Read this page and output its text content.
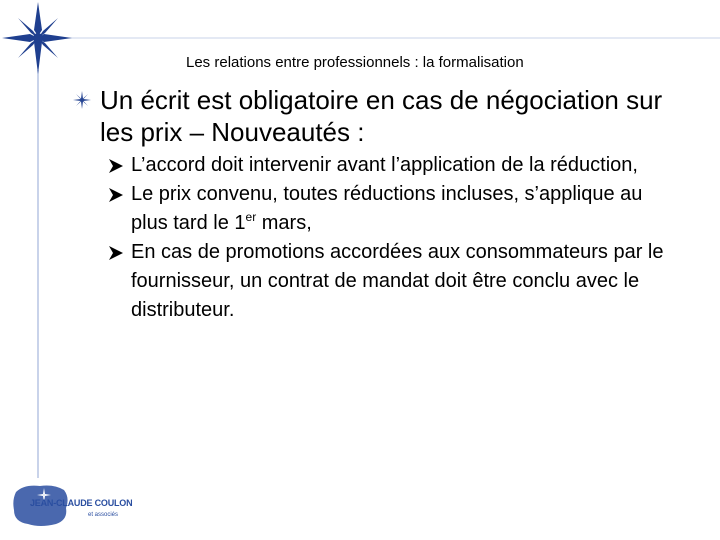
Les relations entre professionnels : la formalisation
Un écrit est obligatoire en cas de négociation sur les prix – Nouveautés :
L’accord doit intervenir avant l’application de la réduction,
Le prix convenu, toutes réductions incluses, s’applique au plus tard le 1er mars,
En cas de promotions accordées aux consommateurs par le fournisseur, un contrat de mandat doit être conclu avec le distributeur.
JEAN-CLAUDE COULON
et associés
